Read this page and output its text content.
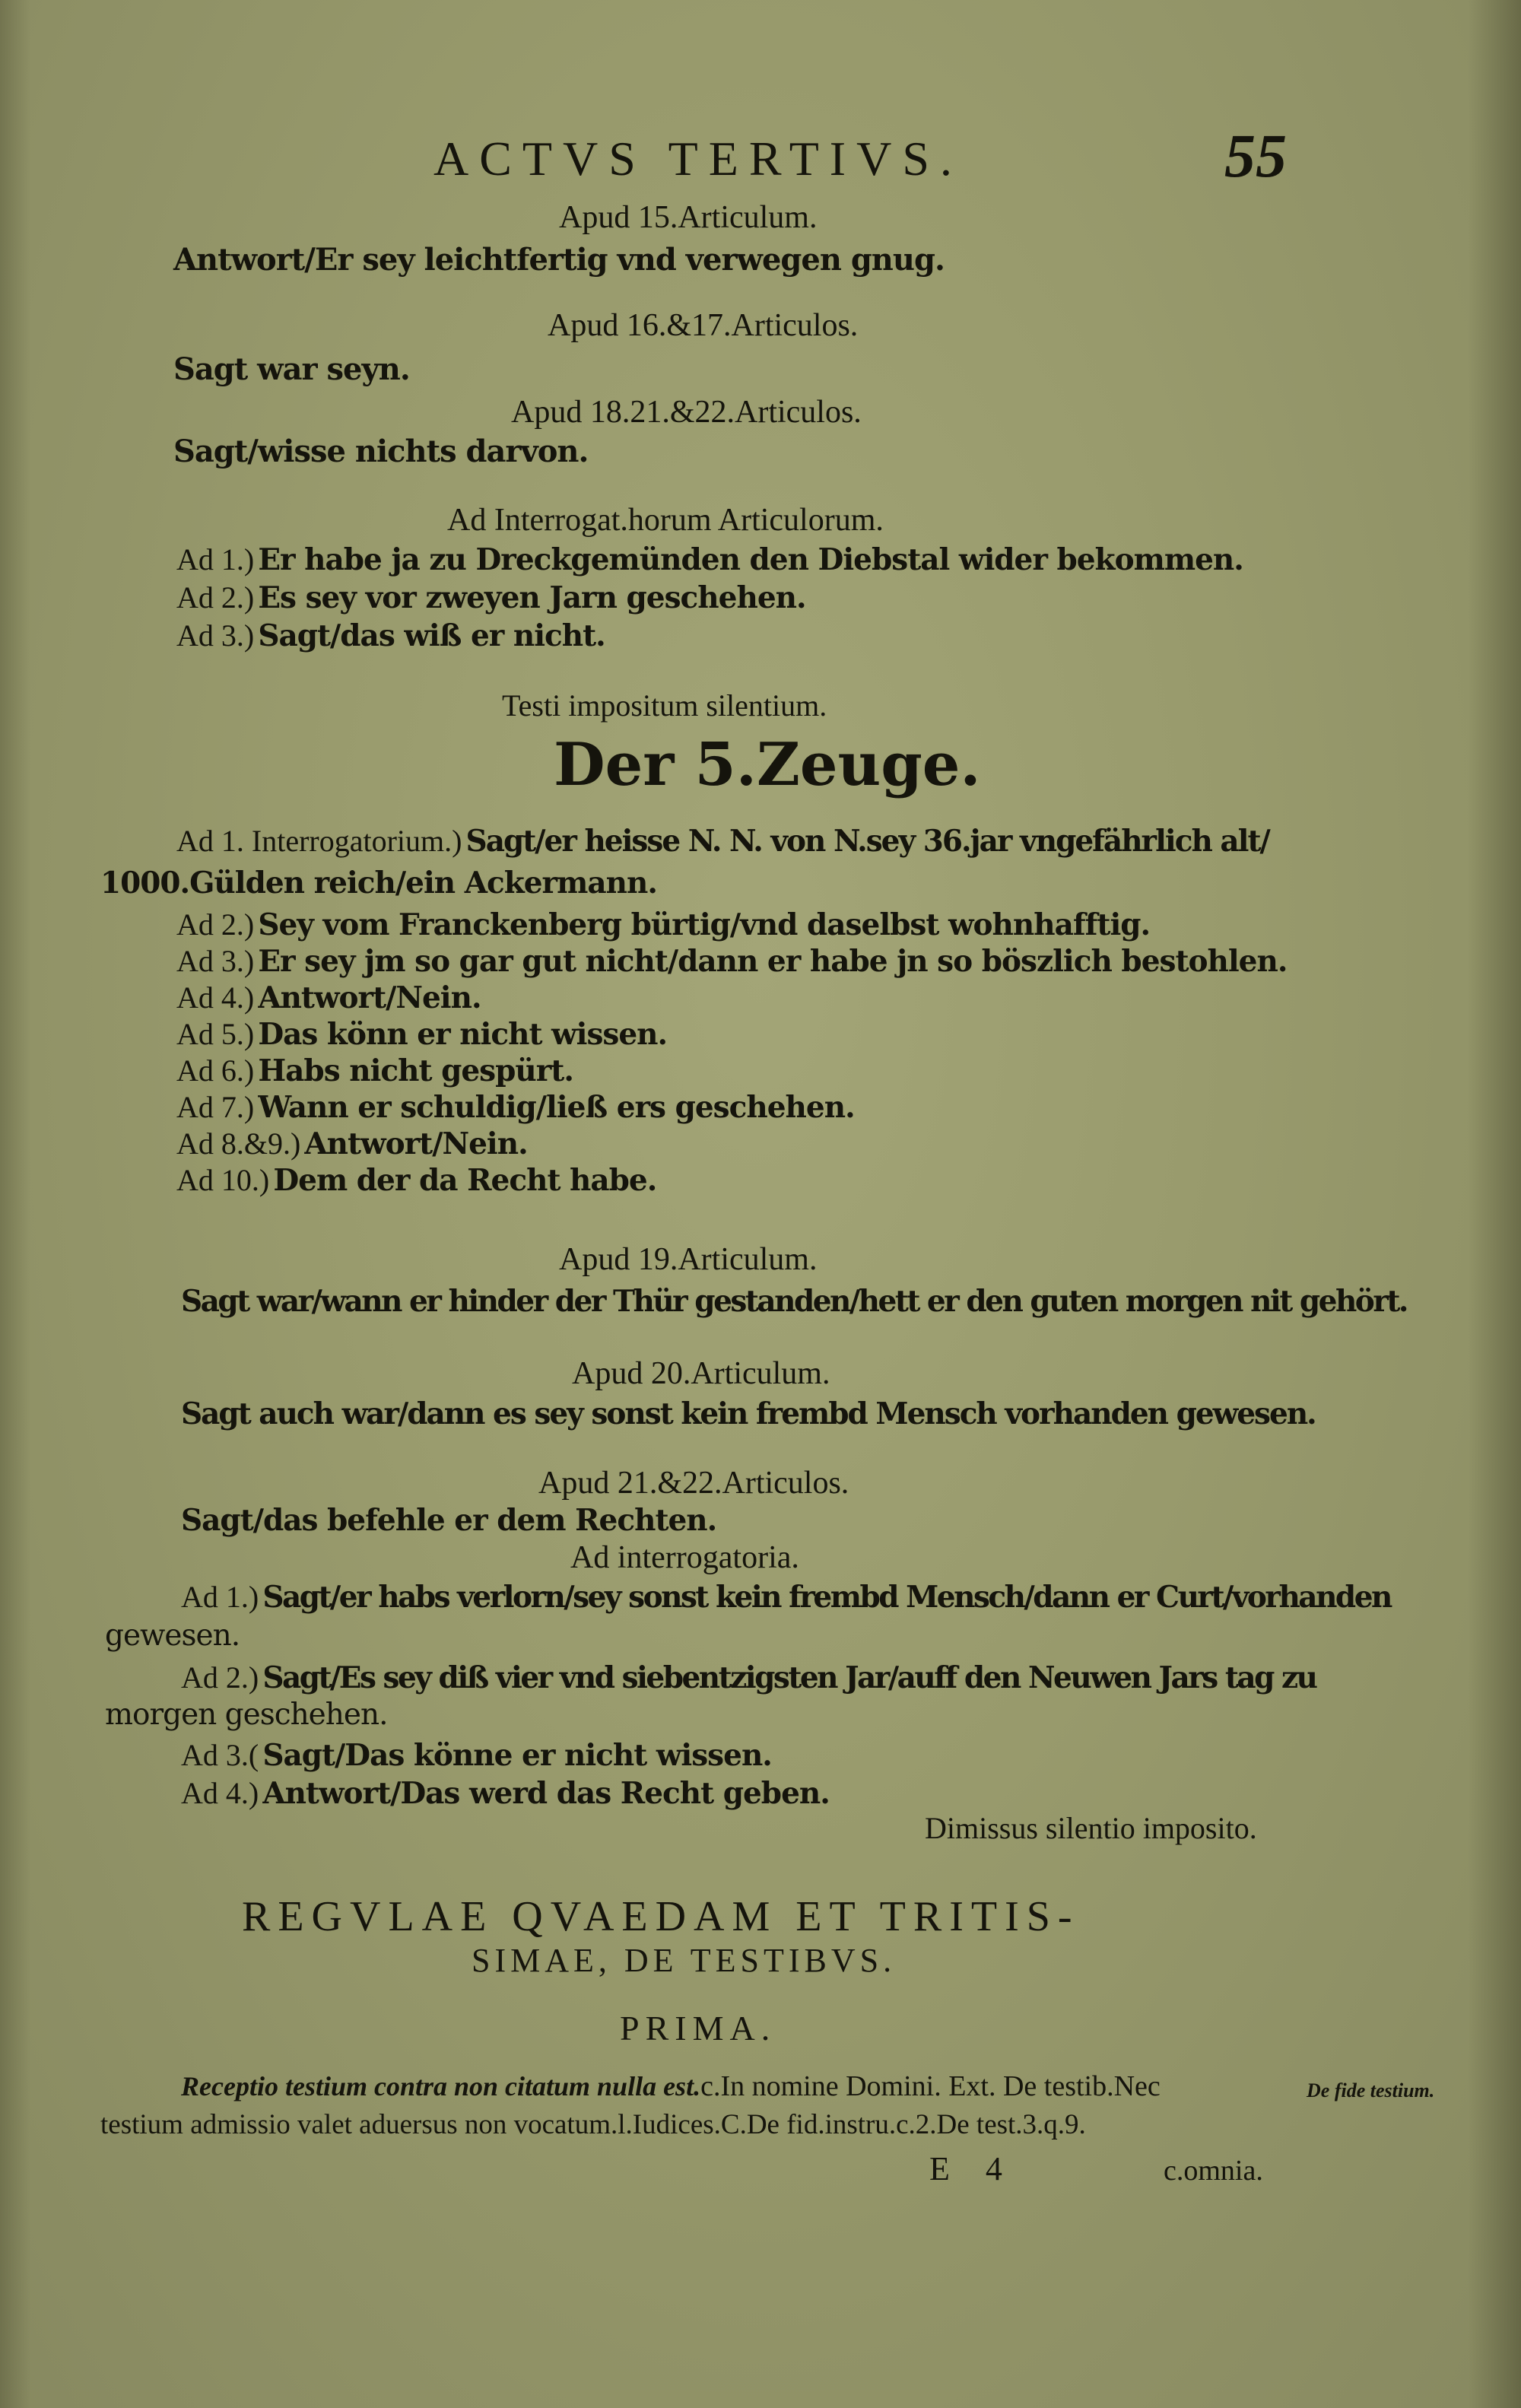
ACTVS TERTIVS.	55
Apud 15.Articulum.
Antwort/Er sey leichtfertig vnd verwegen gnug.
Apud 16.&17.Articulos.
Sagt war seyn.
Apud 18.21.&22.Articulos.
Sagt/wisse nichts darvon.
Ad Interrogat.horum Articulorum.
Ad 1.) Er habe ja zu Dreckgemünden den Diebstal wider bekommen.
Ad 2.) Es sey vor zweyen Jarn geschehen.
Ad 3.) Sagt/das wiß er nicht.
Testi impositum silentium.
Der 5.Zeuge.
Ad 1. Interrogatorium.) Sagt/er heisse N. N. von N.sey 36.jar vngefährlich alt/
1000.Gülden reich/ein Ackermann.
Ad 2.) Sey vom Franckenberg bürtig/vnd daselbst wohnhafftig.
Ad 3.) Er sey jm so gar gut nicht/dann er habe jn so böszlich bestohlen.
Ad 4.) Antwort/Nein.
Ad 5.) Das könn er nicht wissen.
Ad 6.) Habs nicht gespürt.
Ad 7.) Wann er schuldig/ließ ers geschehen.
Ad 8.&9.) Antwort/Nein.
Ad 10.) Dem der da Recht habe.
Apud 19.Articulum.
Sagt war/wann er hinder der Thür gestanden/hett er den guten morgen nit gehört.
Apud 20.Articulum.
Sagt auch war/dann es sey sonst kein frembd Mensch vorhanden gewesen.
Apud 21.&22.Articulos.
Sagt/das befehle er dem Rechten.
Ad interrogatoria.
Ad 1.) Sagt/er habs verlorn/sey sonst kein frembd Mensch/dann er Curt/vorhanden
gewesen.
Ad 2.) Sagt/Es sey diß vier vnd siebentzigsten Jar/auff den Neuwen Jars tag zu
morgen geschehen.
Ad 3.( Sagt/Das könne er nicht wissen.
Ad 4.) Antwort/Das werd das Recht geben.
Dimissus silentio imposito.
REGVLAE QVAEDAM ET TRITIS-
SIMAE, DE TESTIBVS.
PRIMA.
Receptio testium contra non citatum nulla est.c.In nomine Domini. Ext. De testib.Nec	De fide testium.
testium admissio valet aduersus non vocatum.l.Iudices.C.De fid.instru.c.2.De test.3.q.9.
E 4	c.omnia.
